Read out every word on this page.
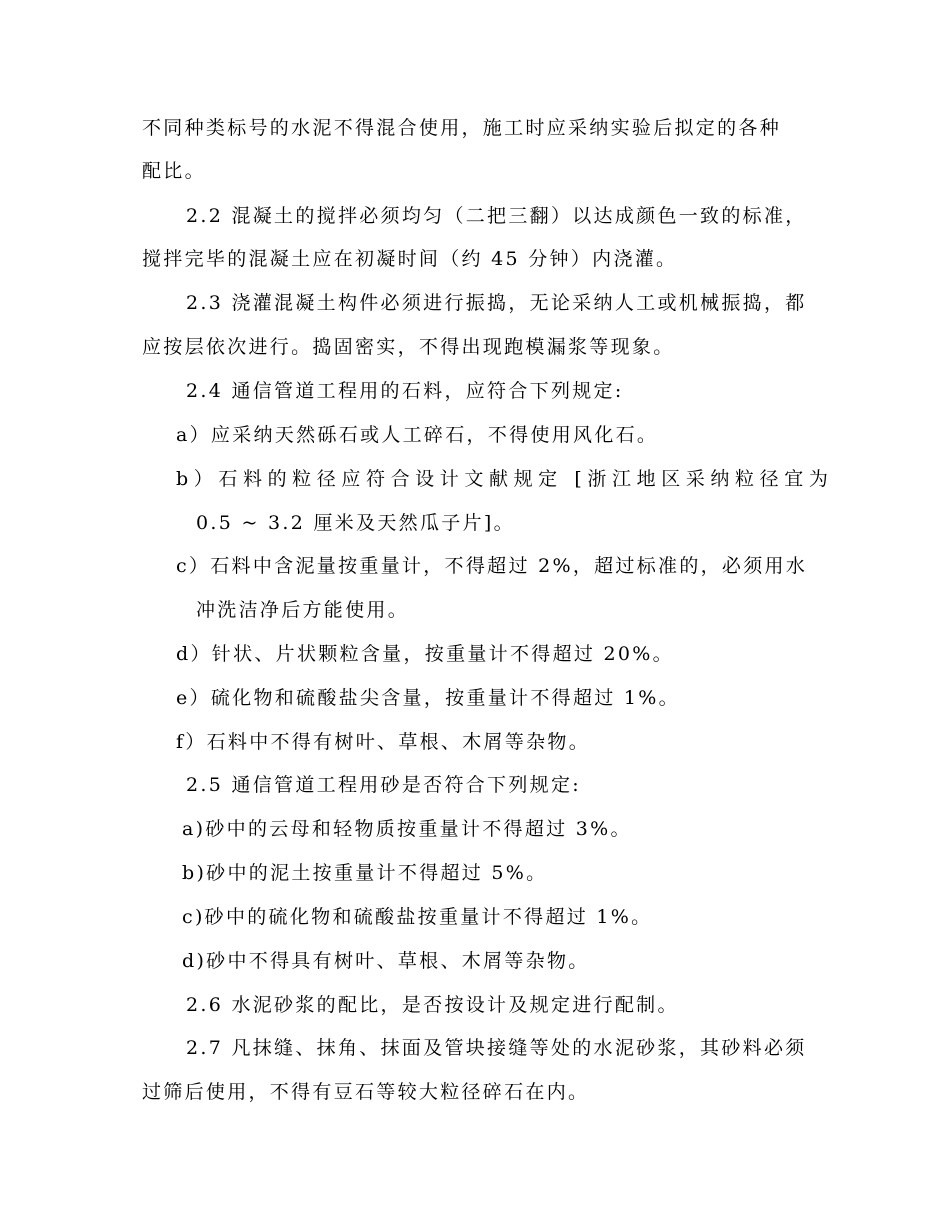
不同种类标号的水泥不得混合使用，施工时应采纳实验后拟定的各种
配比。
2.2 混凝土的搅拌必须均匀（二把三翻）以达成颜色一致的标准，
搅拌完毕的混凝土应在初凝时间（约 45 分钟）内浇灌。
2.3 浇灌混凝土构件必须进行振捣，无论采纳人工或机械振捣，都
应按层依次进行。捣固密实，不得出现跑模漏浆等现象。
2.4 通信管道工程用的石料，应符合下列规定:
a）应采纳天然砾石或人工碎石，不得使用风化石。
b）石料的粒径应符合设计文献规定 [浙江地区采纳粒径宜为
0.5 ~ 3.2 厘米及天然瓜子片]。
c）石料中含泥量按重量计，不得超过 2%，超过标准的，必须用水
冲洗洁净后方能使用。
d）针状、片状颗粒含量，按重量计不得超过 20%。
e）硫化物和硫酸盐尖含量，按重量计不得超过 1%。
f）石料中不得有树叶、草根、木屑等杂物。
2.5 通信管道工程用砂是否符合下列规定:
a)砂中的云母和轻物质按重量计不得超过 3%。
b)砂中的泥土按重量计不得超过 5%。
c)砂中的硫化物和硫酸盐按重量计不得超过 1%。
d)砂中不得具有树叶、草根、木屑等杂物。
2.6 水泥砂浆的配比，是否按设计及规定进行配制。
2.7 凡抹缝、抹角、抹面及管块接缝等处的水泥砂浆，其砂料必须
过筛后使用，不得有豆石等较大粒径碎石在内。
